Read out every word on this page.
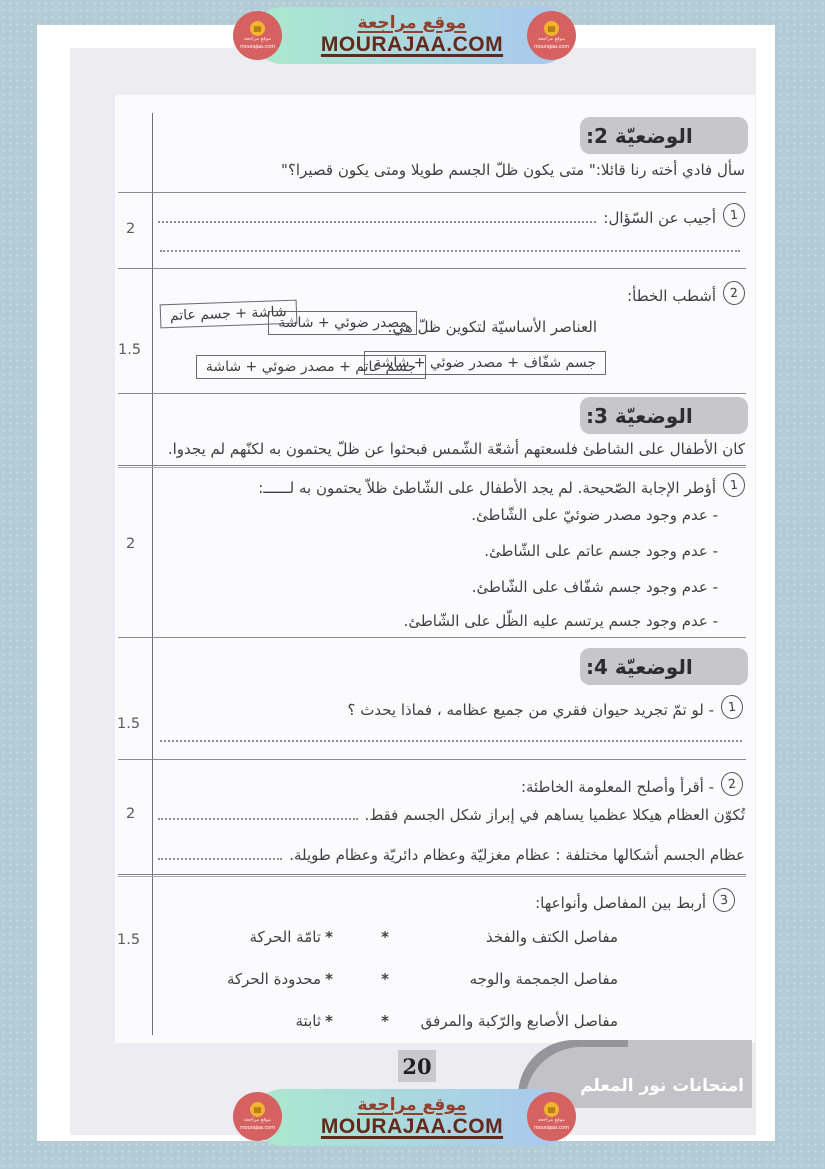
الوضعيّة 2:
سأل فادي أخته رنا قائلا:" متى يكون ظلّ الجسم طويلا ومتى يكون قصيرا؟"
2
1
أجيب عن السّؤال:
1.5
2
أشطب الخطأ:
العناصر الأساسيّة لتكوين ظلّ هي:
مصدر ضوئي + شاشة
شاشة + جسم عاتم
جسم شفّاف + مصدر ضوئي + شاشة
جسم عاتم + مصدر ضوئي + شاشة
الوضعيّة 3:
كان الأطفال على الشاطئ فلسعتهم أشعّة الشّمس فبحثوا عن ظلّ يحتمون به لكنّهم لم يجدوا.
2
1
أؤطر الإجابة الصّحيحة. لم يجد الأطفال على الشّاطئ ظلاّ يحتمون به لــــــ:
- عدم وجود مصدر ضوئيّ على الشّاطئ.
- عدم وجود جسم عاتم على الشّاطئ.
- عدم وجود جسم شفّاف على الشّاطئ.
- عدم وجود جسم يرتسم عليه الظّل على الشّاطئ.
الوضعيّة 4:
1.5
1
- لو تمّ تجريد حيوان فقري من جميع عظامه ، فماذا يحدث ؟
2
2
- أقرأ وأصلح المعلومة الخاطئة:
تُكوّن العظام هيكلا عظميا يساهم في إبراز شكل الجسم فقط.
عظام الجسم أشكالها مختلفة : عظام مغزليّة وعظام دائريّة وعظام طويلة.
1.5
3
أربط بين المفاصل وأنواعها:
مفاصل الكتف والفخذ
*
*
تامّة الحركة
مفاصل الجمجمة والوجه
*
*
محدودة الحركة
مفاصل الأصابع والرّكبة والمرفق
*
*
ثابتة
امتحانات نور المعلم
20
موقع مراجعة
MOURAJAA.COM
▤
موقع مراجعة
mourajaa.com
▤
موقع مراجعة
mourajaa.com
موقع مراجعة
MOURAJAA.COM
▤
موقع مراجعة
mourajaa.com
▤
موقع مراجعة
mourajaa.com
